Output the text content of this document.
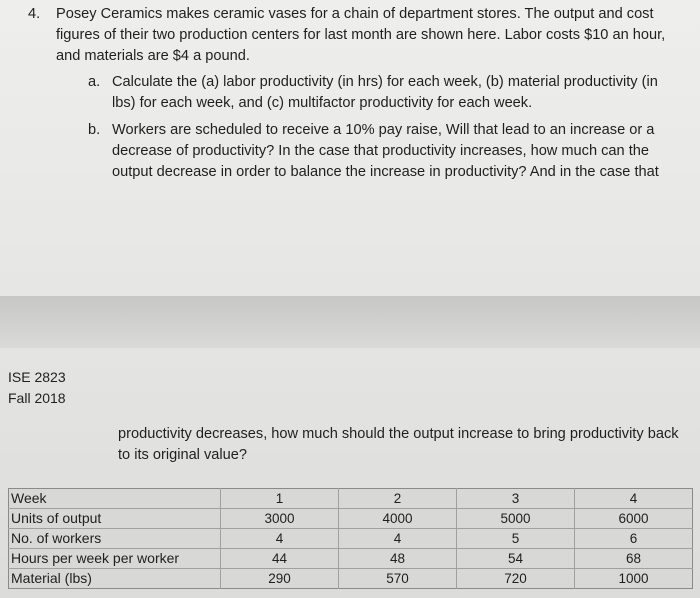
4. Posey Ceramics makes ceramic vases for a chain of department stores. The output and cost
figures of their two production centers for last month are shown here. Labor costs $10 an hour,
and materials are $4 a pound.
a. Calculate the (a) labor productivity (in hrs) for each week, (b) material productivity (in
lbs) for each week, and (c) multifactor productivity for each week.
b. Workers are scheduled to receive a 10% pay raise, Will that lead to an increase or a
decrease of productivity? In the case that productivity increases, how much can the
output decrease in order to balance the increase in productivity? And in the case that
ISE 2823
Fall 2018
productivity decreases, how much should the output increase to bring productivity back
to its original value?
Week	1	2	3	4
Units of output	3000	4000	5000	6000
No. of workers	4	4	5	6
Hours per week per worker	44	48	54	68
Material (lbs)	290	570	720	1000
